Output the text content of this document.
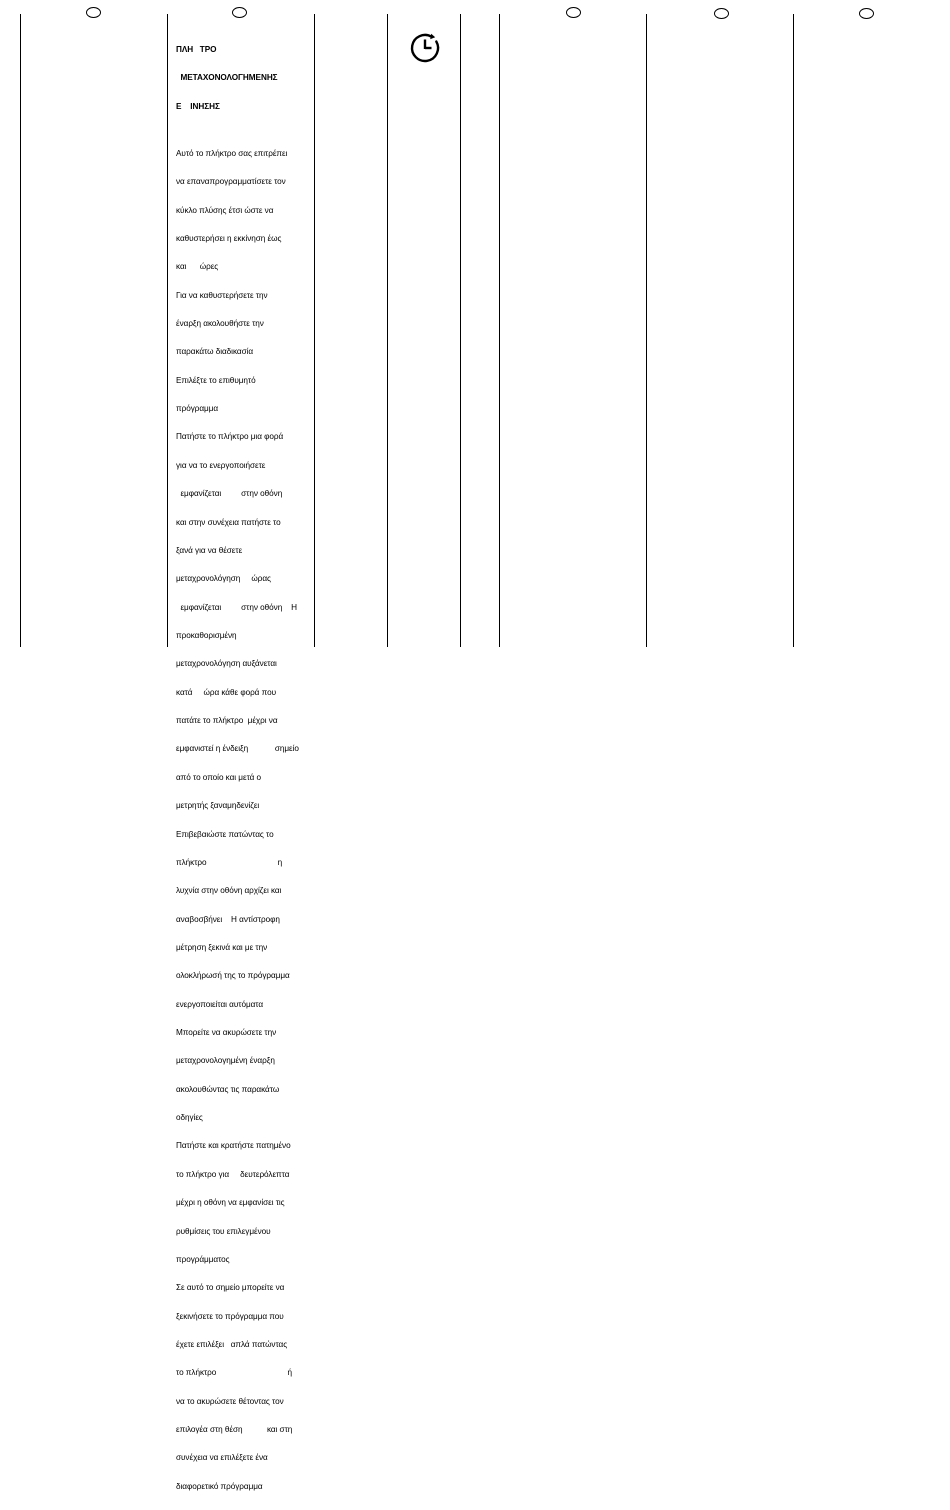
ΠΛΗ   ΤΡΟ

ΜΕΤΑΧΟΝΟΛΟΓΗΜΕΝΗΣ

Ε    ΙΝΗΣΗΣ

Αυτό το πλήκτρο σας επιτρέπει

να επαναπρογραμματίσετε τον

κύκλο πλύσης έτσι ώστε να

καθυστερήσει η εκκίνηση έως

και      ώρες

Για να καθυστερήσετε την

έναρξη ακολουθήστε την

παρακάτω διαδικασία

Επιλέξτε το επιθυμητό

πρόγραμμα

Πατήστε το πλήκτρο μια φορά

για να το ενεργοποιήσετε

εμφανίζεται         στην οθόνη

και στην συνέχεια πατήστε το

ξανά για να θέσετε

μεταχρονολόγηση     ώρας

εμφανίζεται         στην οθόνη    Η

προκαθορισμένη

μεταχρονολόγηση αυξάνεται

κατά     ώρα κάθε φορά που

πατάτε το πλήκτρο  μέχρι να

εμφανιστεί η ένδειξη            σημείο

από το οποίο και μετά ο

μετρητής ξαναμηδενίζει

Επιβεβαιώστε πατώντας το

πλήκτρο                                η

λυχνία στην οθόνη αρχίζει και

αναβοσβήνει    Η αντίστροφη

μέτρηση ξεκινά και με την

ολοκλήρωσή της το πρόγραμμα

ενεργοποιείται αυτόματα

Μπορείτε να ακυρώσετε την

μεταχρονολογημένη έναρξη

ακολουθώντας τις παρακάτω

οδηγίες

Πατήστε και κρατήστε πατημένο

το πλήκτρο για     δευτερόλεπτα

μέχρι η οθόνη να εμφανίσει τις

ρυθμίσεις του επιλεγμένου

προγράμματος

Σε αυτό το σημείο μπορείτε να

ξεκινήσετε το πρόγραμμα που

έχετε επιλέξει   απλά πατώντας

το πλήκτρο                                ή

να το ακυρώσετε θέτοντας τον

επιλογέα στη θέση           και στη

συνέχεια να επιλέξετε ένα

διαφορετικό πρόγραμμα
